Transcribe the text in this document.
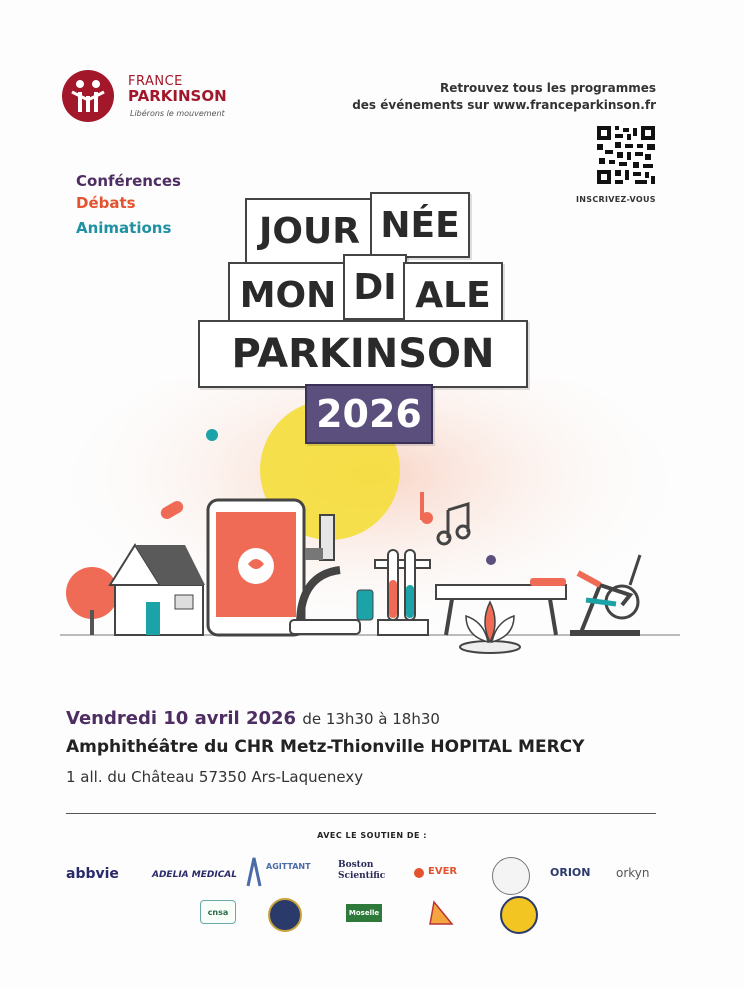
FRANCE
PARKINSON
Libérons le mouvement
Retrouvez tous les programmes
des événements sur www.franceparkinson.fr
INSCRIVEZ-VOUS
Conférences
Débats
Animations	JOUR NÉE
MON DI ALE
PARKINSON
2026
Vendredi 10 avril 2026 de 13h30 à 18h30
Amphithéâtre du CHR Metz-Thionville HOPITAL MERCY
1 all. du Château 57350 Ars-Laquenexy
AVEC LE SOUTIEN DE :
abbvie	ADELIA MEDICAL
AGITTANT	Boston Scientific	EVER	ORION orkyn
cnsa	Moselle
